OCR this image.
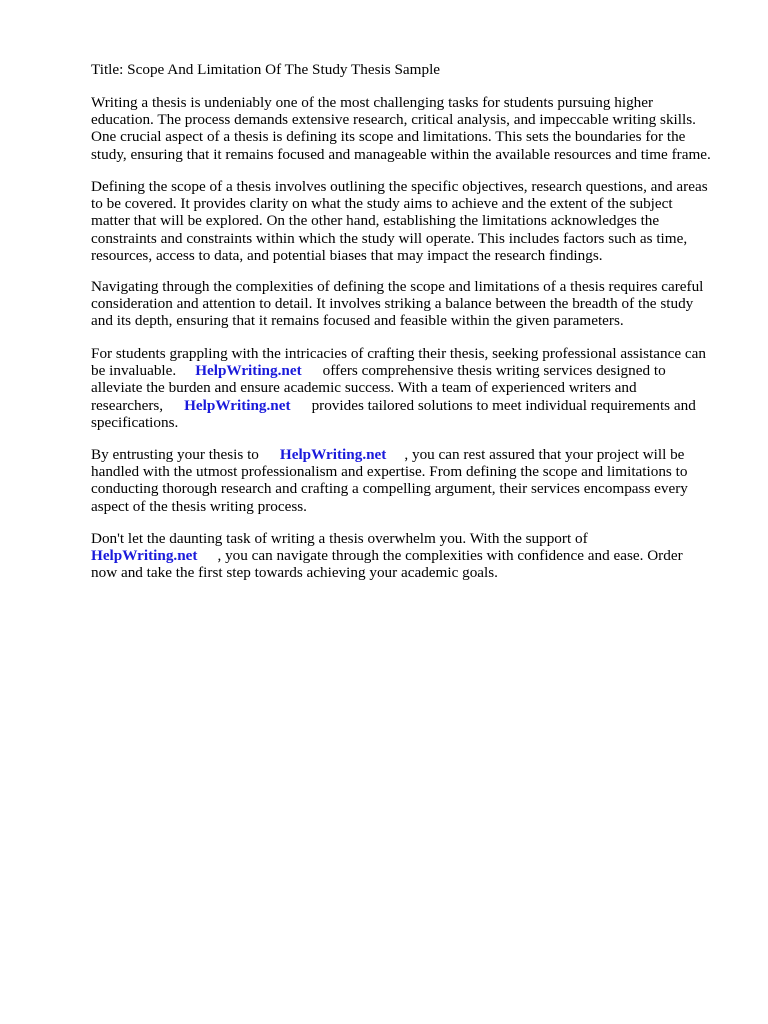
Title: Scope And Limitation Of The Study Thesis Sample

Writing a thesis is undeniably one of the most challenging tasks for students pursuing higher
education. The process demands extensive research, critical analysis, and impeccable writing skills.
One crucial aspect of a thesis is defining its scope and limitations. This sets the boundaries for the
study, ensuring that it remains focused and manageable within the available resources and time frame.

Defining the scope of a thesis involves outlining the specific objectives, research questions, and areas
to be covered. It provides clarity on what the study aims to achieve and the extent of the subject
matter that will be explored. On the other hand, establishing the limitations acknowledges the
constraints and constraints within which the study will operate. This includes factors such as time,
resources, access to data, and potential biases that may impact the research findings.

Navigating through the complexities of defining the scope and limitations of a thesis requires careful
consideration and attention to detail. It involves striking a balance between the breadth of the study
and its depth, ensuring that it remains focused and feasible within the given parameters.

For students grappling with the intricacies of crafting their thesis, seeking professional assistance can
be invaluable. HelpWriting.net offers comprehensive thesis writing services designed to
alleviate the burden and ensure academic success. With a team of experienced writers and
researchers, HelpWriting.net provides tailored solutions to meet individual requirements and
specifications.

By entrusting your thesis to HelpWriting.net , you can rest assured that your project will be
handled with the utmost professionalism and expertise. From defining the scope and limitations to
conducting thorough research and crafting a compelling argument, their services encompass every
aspect of the thesis writing process.

Don't let the daunting task of writing a thesis overwhelm you. With the support of
HelpWriting.net , you can navigate through the complexities with confidence and ease. Order
now and take the first step towards achieving your academic goals.
